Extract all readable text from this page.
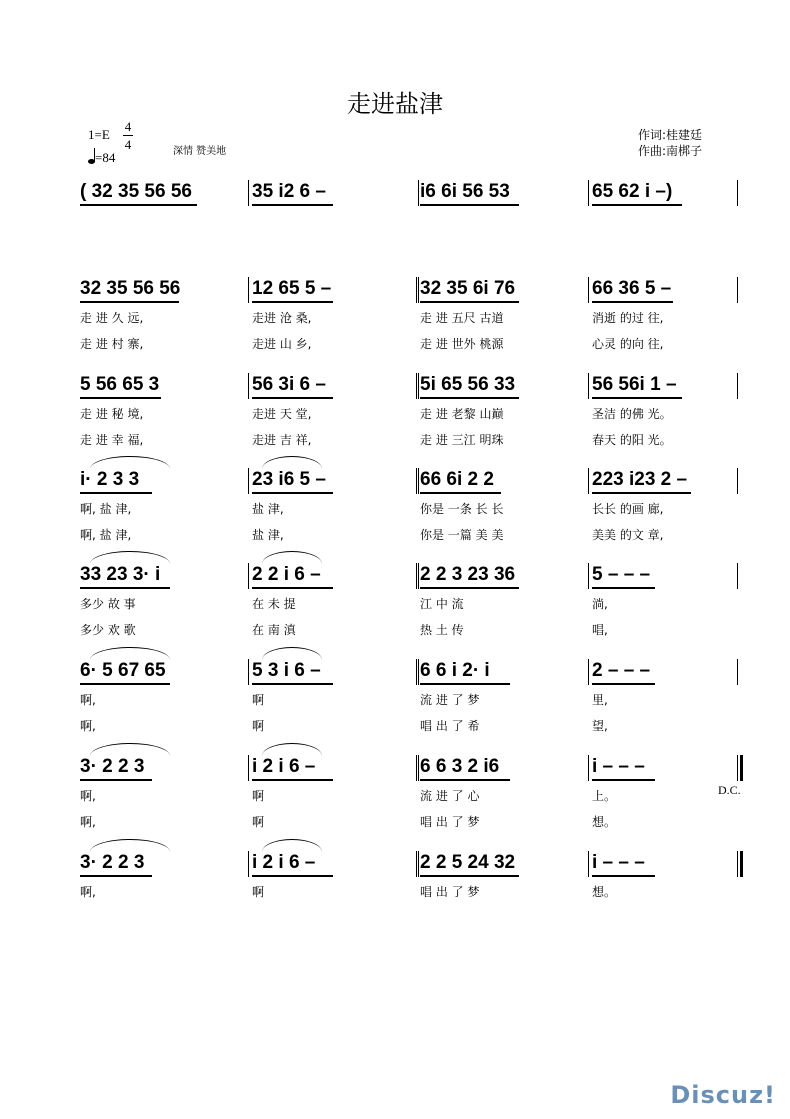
走进盐津
1=E
4
4
=84	深情 赞美地
作词:桂建廷
作曲:南梆子
( 32 35 56 56	35 i2 6 –	i6 6i 56 53	65 62 i –)
32 35 56 56	12 65 5 –	32 35 6i 76	66 36 5 –
走 进 久 远,	走进 沧 桑,	走 进 五尺 古道	消逝 的过 往,
走 进 村 寨,	走进 山 乡,	走 进 世外 桃源	心灵 的向 往,
5 56 65 3	56 3i 6 –	5i 65 56 33	56 56i 1 –
走 进 秘 境,	走进 天 堂,	走 进 老黎 山巅	圣洁 的佛 光。
走 进 幸 福,	走进 吉 祥,	走 进 三江 明珠	春天 的阳 光。
i· 2 3 3	23 i6 5 –	66 6i 2 2	223 i23 2 –
啊, 盐 津,	盐 津,	你是 一条 长 长	长长 的画 廊,
啊, 盐 津,	盐 津,	你是 一篇 美 美	美美 的文 章,
33 23 3· i	2 2 i 6 –	2 2 3 23 36	5 – – –
多少 故 事	在 未 提	江 中 流	淌,
多少 欢 歌	在 南 滇	热 土 传	唱,
6· 5 67 65	5 3 i 6 –	6 6 i 2· i	2 – – –
啊,	啊	流 进 了 梦	里,
啊,	啊	唱 出 了 希	望,
3· 2 2 3	i 2 i 6 –	6 6 3 2 i6	i – – –
啊,	啊	流 进 了 心	上。
啊,	啊	唱 出 了 梦	想。
3· 2 2 3	i 2 i 6 –	2 2 5 24 32	i – – –
啊,	啊	唱 出 了 梦	想。
D.C.
Discuz!
